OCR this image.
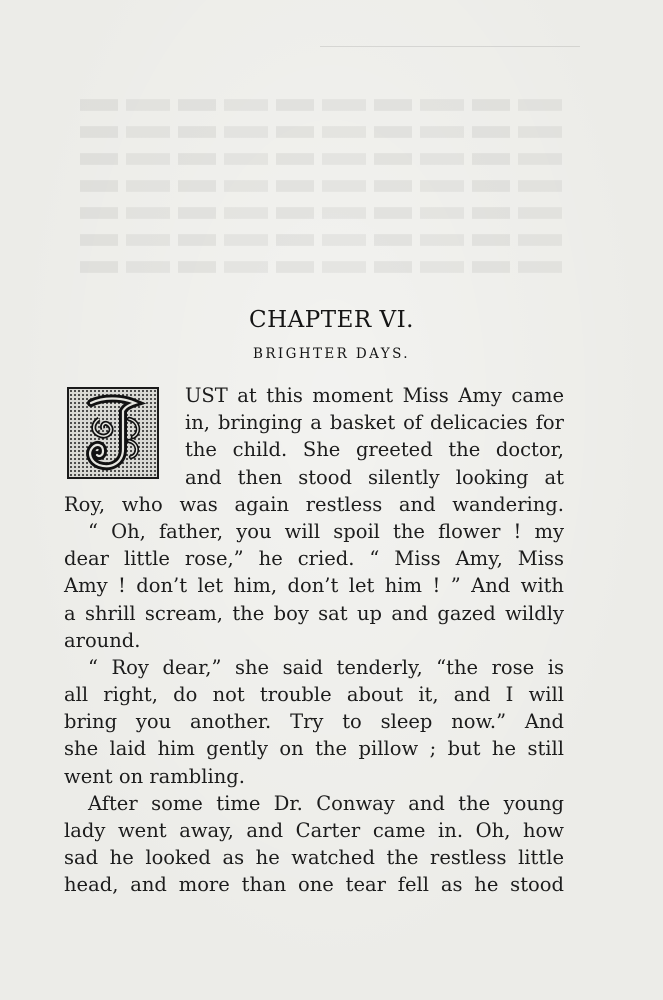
CHAPTER VI.
BRIGHTER DAYS.
UST at this moment Miss Amy came
in, bringing a basket of delicacies for
the child. She greeted the doctor,
and then stood silently looking at
Roy, who was again restless and wandering.
“ Oh, father, you will spoil the flower ! my
dear little rose,” he cried. “ Miss Amy, Miss
Amy ! don’t let him, don’t let him ! ” And with
a shrill scream, the boy sat up and gazed wildly
around.
“ Roy dear,” she said tenderly, “the rose is
all right, do not trouble about it, and I will
bring you another. Try to sleep now.” And
she laid him gently on the pillow ; but he still
went on rambling.
After some time Dr. Conway and the young
lady went away, and Carter came in. Oh, how
sad he looked as he watched the restless little
head, and more than one tear fell as he stood
